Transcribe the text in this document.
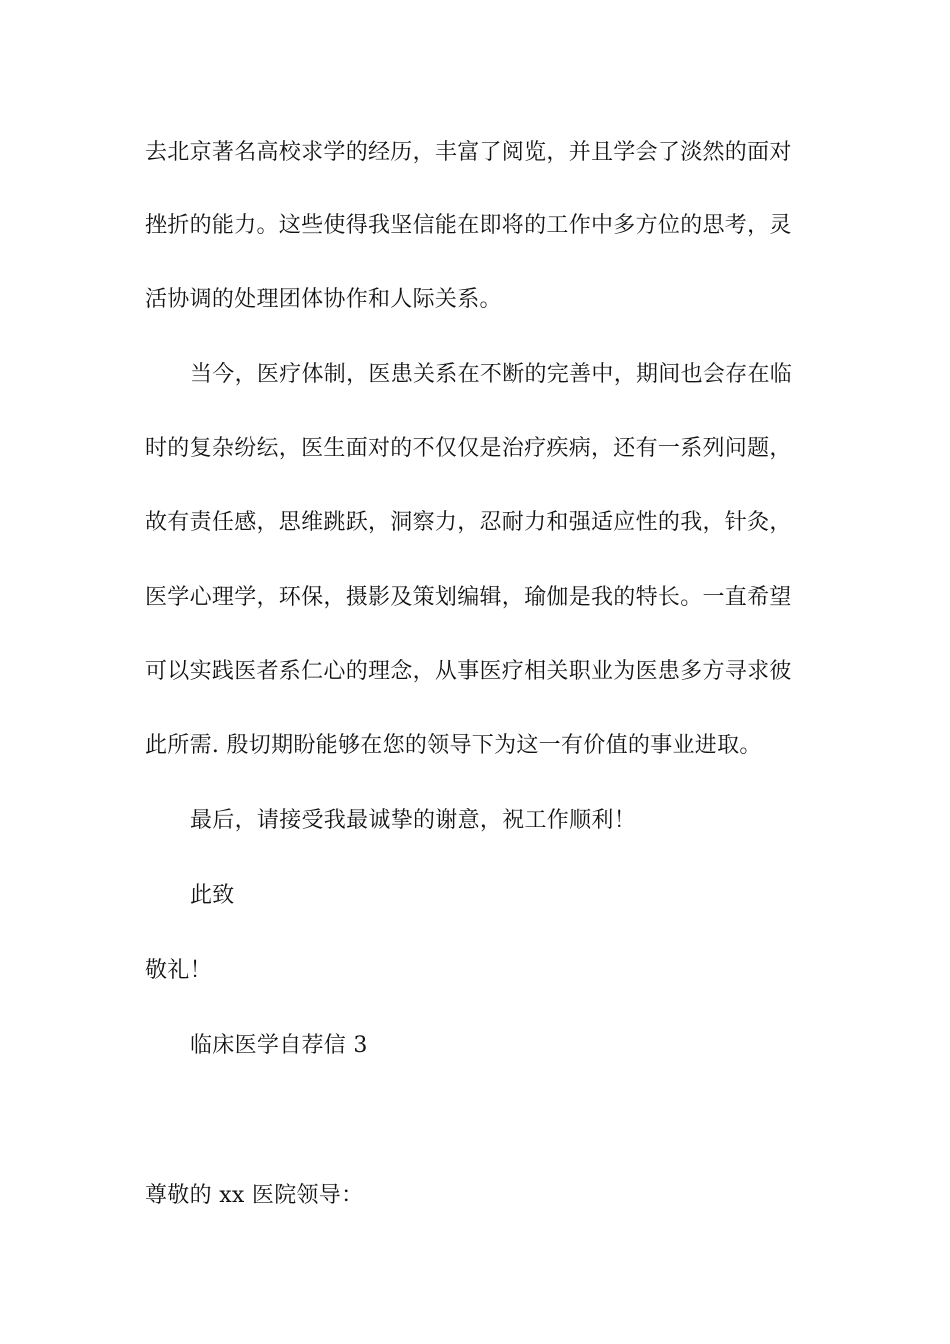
去北京著名高校求学的经历，丰富了阅览，并且学会了淡然的面对
挫折的能力。这些使得我坚信能在即将的工作中多方位的思考，灵
活协调的处理团体协作和人际关系。
当今，医疗体制，医患关系在不断的完善中，期间也会存在临
时的复杂纷纭，医生面对的不仅仅是治疗疾病，还有一系列问题，
故有责任感，思维跳跃，洞察力，忍耐力和强适应性的我，针灸，
医学心理学，环保，摄影及策划编辑，瑜伽是我的特长。一直希望
可以实践医者系仁心的理念，从事医疗相关职业为医患多方寻求彼
此所需. 殷切期盼能够在您的领导下为这一有价值的事业进取。
最后，请接受我最诚挚的谢意，祝工作顺利！
此致
敬礼！
临床医学自荐信 3
尊敬的 xx 医院领导：
